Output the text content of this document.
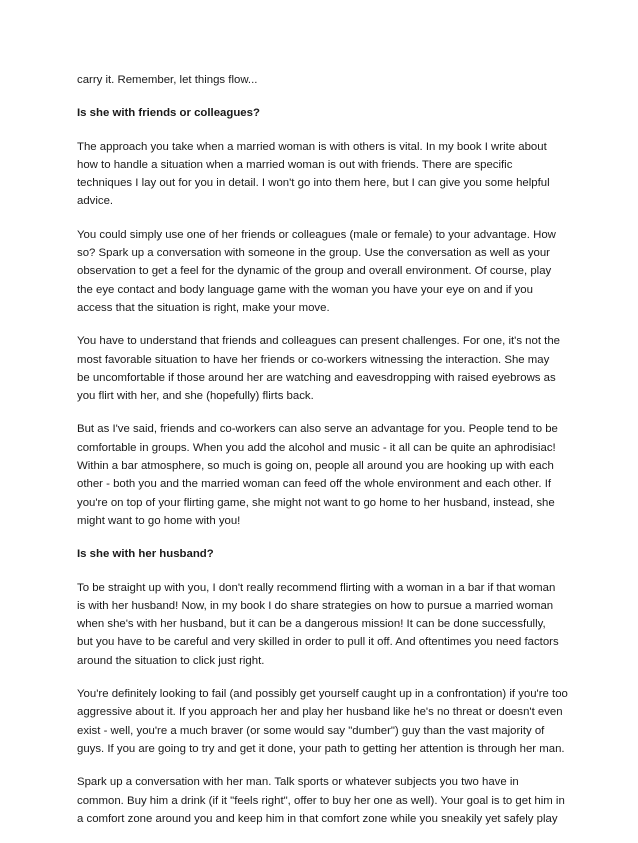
carry it. Remember, let things flow...
Is she with friends or colleagues?
The approach you take when a married woman is with others is vital. In my book I write about
how to handle a situation when a married woman is out with friends. There are specific
techniques I lay out for you in detail. I won't go into them here, but I can give you some helpful
advice.
You could simply use one of her friends or colleagues (male or female) to your advantage. How
so? Spark up a conversation with someone in the group. Use the conversation as well as your
observation to get a feel for the dynamic of the group and overall environment. Of course, play
the eye contact and body language game with the woman you have your eye on and if you
access that the situation is right, make your move.
You have to understand that friends and colleagues can present challenges. For one, it's not the
most favorable situation to have her friends or co-workers witnessing the interaction. She may
be uncomfortable if those around her are watching and eavesdropping with raised eyebrows as
you flirt with her, and she (hopefully) flirts back.
But as I've said, friends and co-workers can also serve an advantage for you. People tend to be
comfortable in groups. When you add the alcohol and music - it all can be quite an aphrodisiac!
Within a bar atmosphere, so much is going on, people all around you are hooking up with each
other - both you and the married woman can feed off the whole environment and each other. If
you're on top of your flirting game, she might not want to go home to her husband, instead, she
might want to go home with you!
Is she with her husband?
To be straight up with you, I don't really recommend flirting with a woman in a bar if that woman
is with her husband! Now, in my book I do share strategies on how to pursue a married woman
when she's with her husband, but it can be a dangerous mission! It can be done successfully,
but you have to be careful and very skilled in order to pull it off. And oftentimes you need factors
around the situation to click just right.
You're definitely looking to fail (and possibly get yourself caught up in a confrontation) if you're too
aggressive about it. If you approach her and play her husband like he's no threat or doesn't even
exist - well, you're a much braver (or some would say "dumber") guy than the vast majority of
guys. If you are going to try and get it done, your path to getting her attention is through her man.
Spark up a conversation with her man. Talk sports or whatever subjects you two have in
common. Buy him a drink (if it "feels right", offer to buy her one as well). Your goal is to get him in
a comfort zone around you and keep him in that comfort zone while you sneakily yet safely play
